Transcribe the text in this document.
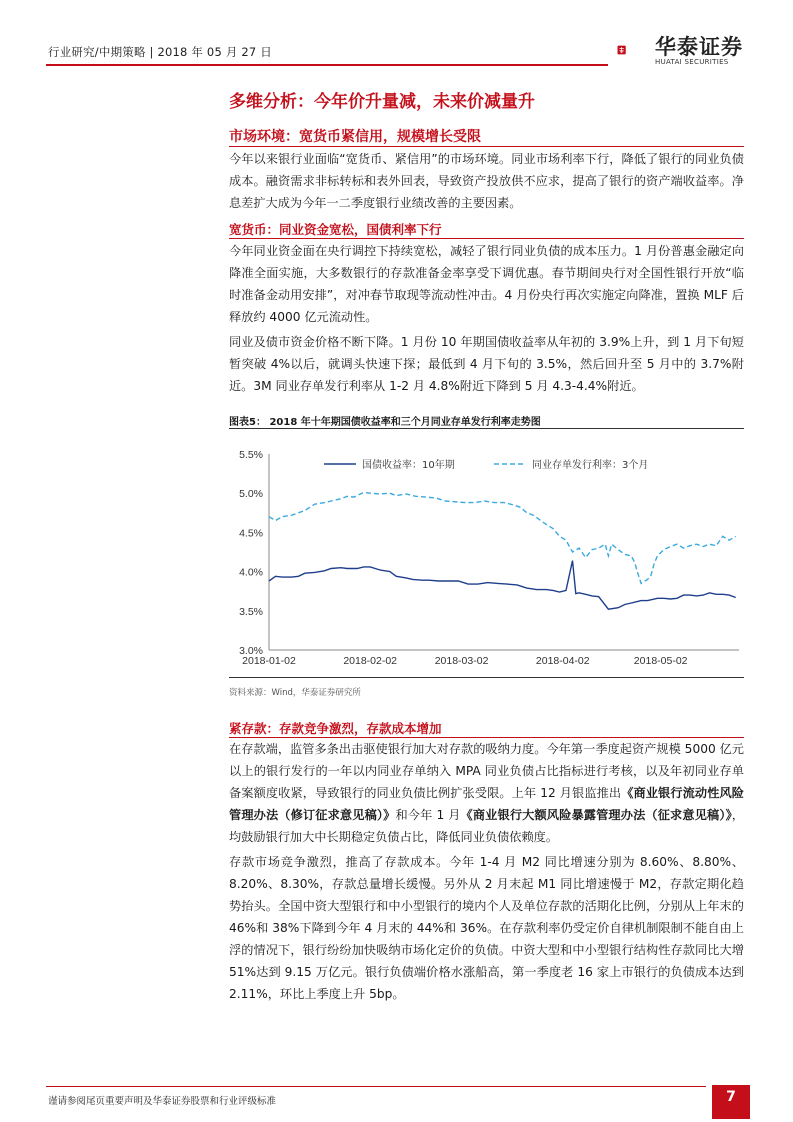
行业研究/中期策略 | 2018 年 05 月 27 日	华泰证券
HUATAI SECURITIES
多维分析：今年价升量减，未来价减量升
市场环境：宽货币紧信用，规模增长受限
今年以来银行业面临“宽货币、紧信用”的市场环境。同业市场利率下行，降低了银行的同业负债成本。融资需求非标转标和表外回表，导致资产投放供不应求，提高了银行的资产端收益率。净息差扩大成为今年一二季度银行业绩改善的主要因素。
宽货币：同业资金宽松，国债利率下行
今年同业资金面在央行调控下持续宽松，减轻了银行同业负债的成本压力。1 月份普惠金融定向降准全面实施，大多数银行的存款准备金率享受下调优惠。春节期间央行对全国性银行开放“临时准备金动用安排”，对冲春节取现等流动性冲击。4 月份央行再次实施定向降准，置换 MLF 后释放约 4000 亿元流动性。
同业及债市资金价格不断下降。1 月份 10 年期国债收益率从年初的 3.9%上升，到 1 月下旬短暂突破 4%以后，就调头快速下探；最低到 4 月下旬的 3.5%，然后回升至 5 月中的 3.7%附近。3M 同业存单发行利率从 1-2 月 4.8%附近下降到 5 月 4.3-4.4%附近。
图表5： 2018 年十年期国债收益率和三个月同业存单发行利率走势图
5.5%
5.0%
4.5%
4.0%
3.5%
3.0%
2018-01-02	2018-02-02	2018-03-02	2018-04-02	2018-05-02
国债收益率：10年期	同业存单发行利率：3个月
资料来源：Wind，华泰证券研究所
紧存款：存款竞争激烈，存款成本增加
在存款端，监管多条出击驱使银行加大对存款的吸纳力度。今年第一季度起资产规模 5000 亿元以上的银行发行的一年以内同业存单纳入 MPA 同业负债占比指标进行考核，以及年初同业存单备案额度收紧，导致银行的同业负债比例扩张受限。上年 12 月银监推出《商业银行流动性风险管理办法（修订征求意见稿）》和今年 1 月《商业银行大额风险暴露管理办法（征求意见稿）》，均鼓励银行加大中长期稳定负债占比，降低同业负债依赖度。
存款市场竞争激烈，推高了存款成本。今年 1-4 月 M2 同比增速分别为 8.60%、8.80%、8.20%、8.30%，存款总量增长缓慢。另外从 2 月末起 M1 同比增速慢于 M2，存款定期化趋势抬头。全国中资大型银行和中小型银行的境内个人及单位存款的活期化比例，分别从上年末的 46%和 38%下降到今年 4 月末的 44%和 36%。在存款利率仍受定价自律机制限制不能自由上浮的情况下，银行纷纷加快吸纳市场化定价的负债。中资大型和中小型银行结构性存款同比大增 51%达到 9.15 万亿元。银行负债端价格水涨船高，第一季度老 16 家上市银行的负债成本达到 2.11%，环比上季度上升 5bp。
谨请参阅尾页重要声明及华泰证券股票和行业评级标准	7
